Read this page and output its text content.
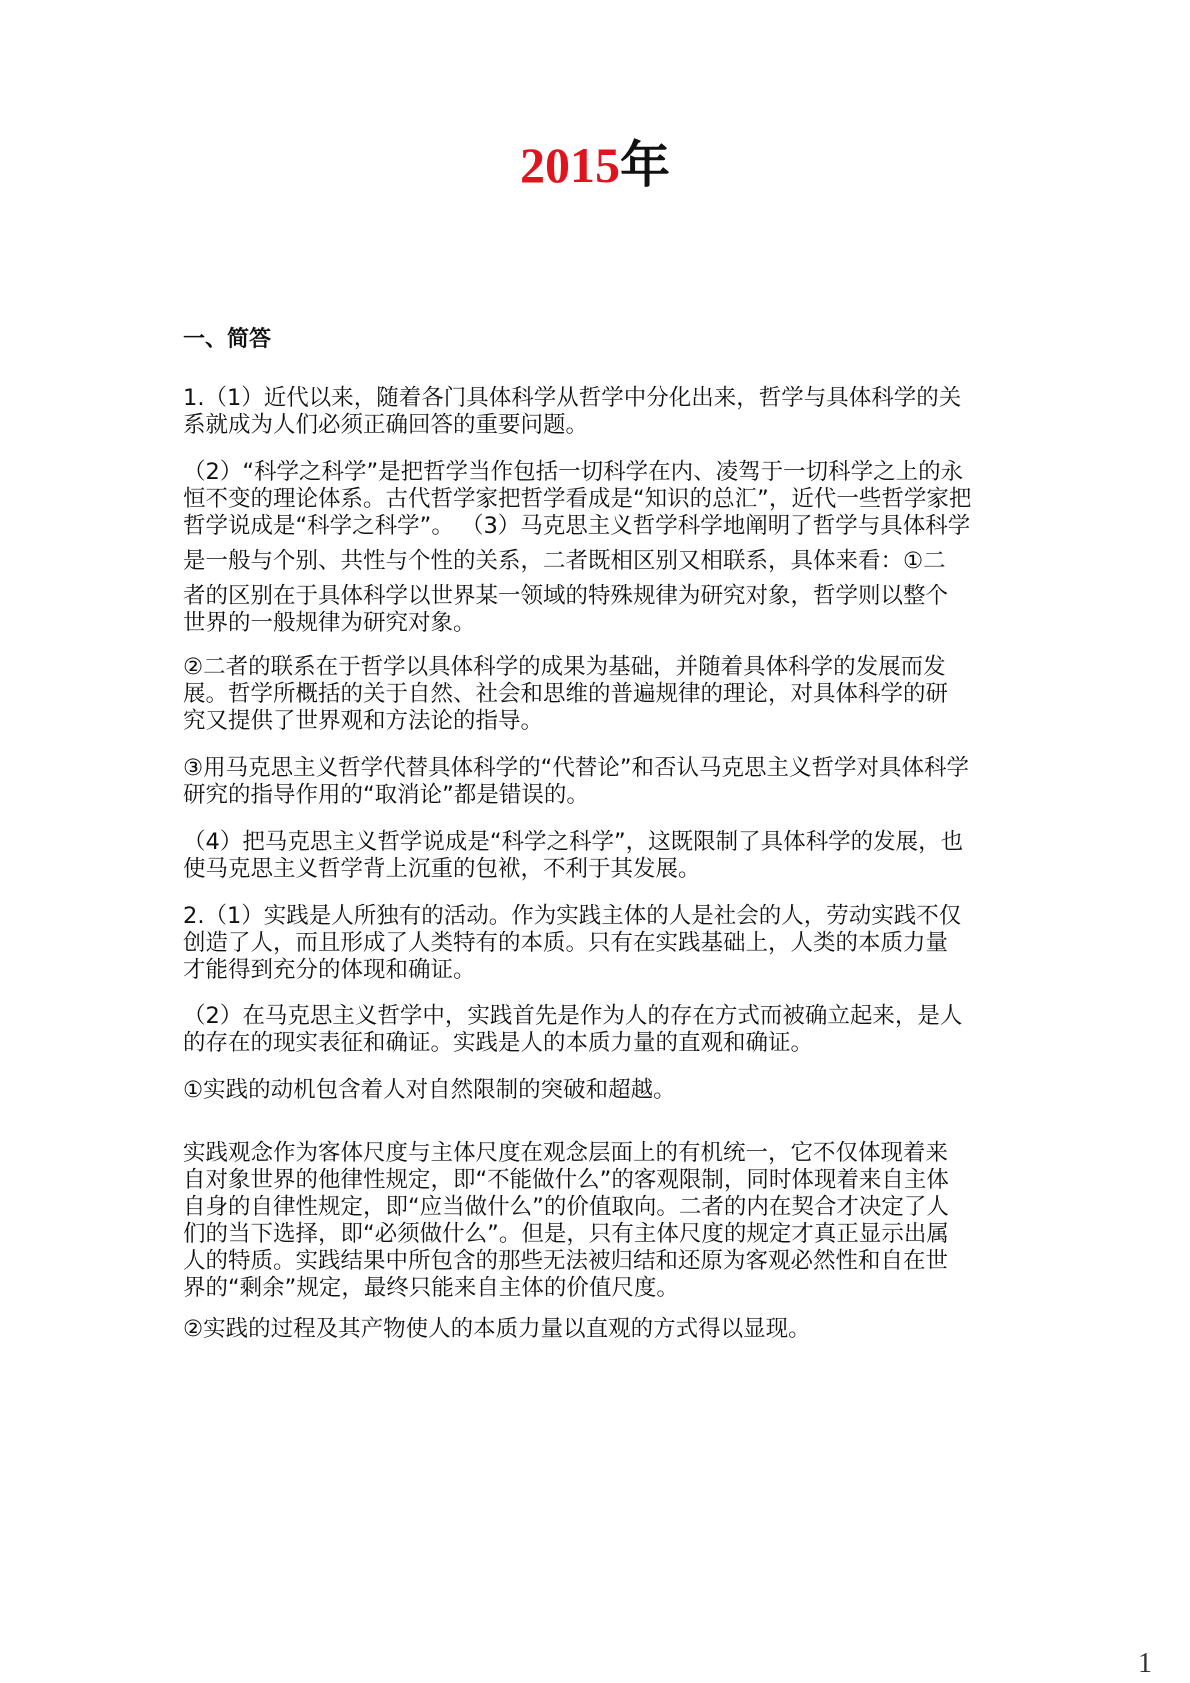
2015年
一、简答
1.（1）近代以来，随着各门具体科学从哲学中分化出来，哲学与具体科学的关
系就成为人们必须正确回答的重要问题。
（2）“科学之科学”是把哲学当作包括一切科学在内、凌驾于一切科学之上的永
恒不变的理论体系。古代哲学家把哲学看成是“知识的总汇”，近代一些哲学家把
哲学说成是“科学之科学”。 （3）马克思主义哲学科学地阐明了哲学与具体科学
是一般与个别、共性与个性的关系，二者既相区别又相联系，具体来看：①二
者的区别在于具体科学以世界某一领域的特殊规律为研究对象，哲学则以整个
世界的一般规律为研究对象。
②二者的联系在于哲学以具体科学的成果为基础，并随着具体科学的发展而发
展。哲学所概括的关于自然、社会和思维的普遍规律的理论，对具体科学的研
究又提供了世界观和方法论的指导。
③用马克思主义哲学代替具体科学的“代替论”和否认马克思主义哲学对具体科学
研究的指导作用的“取消论”都是错误的。
（4）把马克思主义哲学说成是“科学之科学”，这既限制了具体科学的发展，也
使马克思主义哲学背上沉重的包袱，不利于其发展。
2.（1）实践是人所独有的活动。作为实践主体的人是社会的人，劳动实践不仅
创造了人，而且形成了人类特有的本质。只有在实践基础上，人类的本质力量
才能得到充分的体现和确证。
（2）在马克思主义哲学中，实践首先是作为人的存在方式而被确立起来，是人
的存在的现实表征和确证。实践是人的本质力量的直观和确证。
①实践的动机包含着人对自然限制的突破和超越。
实践观念作为客体尺度与主体尺度在观念层面上的有机统一，它不仅体现着来
自对象世界的他律性规定，即“不能做什么”的客观限制，同时体现着来自主体
自身的自律性规定，即“应当做什么”的价值取向。二者的内在契合才决定了人
们的当下选择，即“必须做什么”。但是，只有主体尺度的规定才真正显示出属
人的特质。实践结果中所包含的那些无法被归结和还原为客观必然性和自在世
界的“剩余”规定，最终只能来自主体的价值尺度。
②实践的过程及其产物使人的本质力量以直观的方式得以显现。
1
